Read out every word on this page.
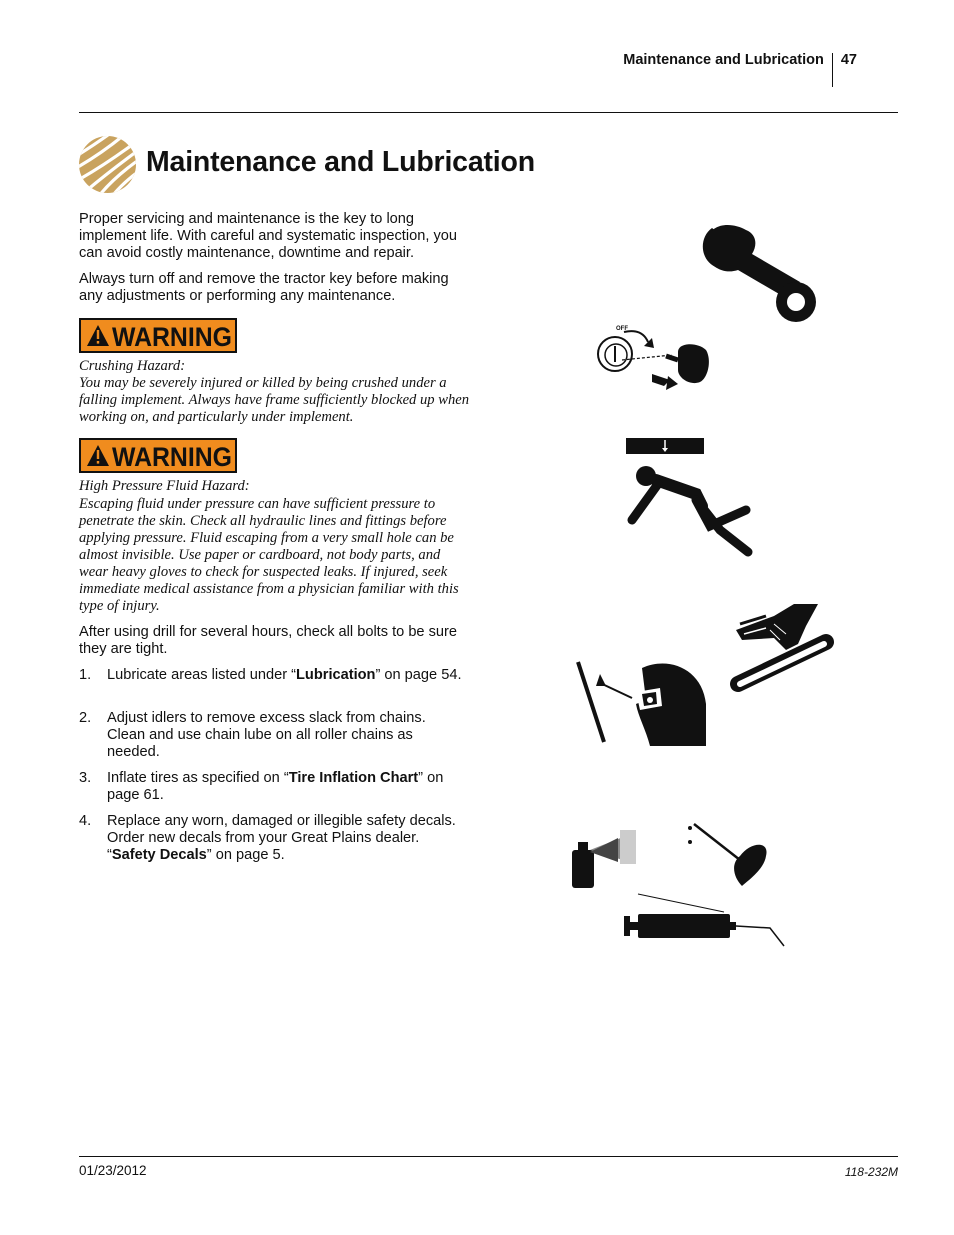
Maintenance and Lubrication	47
Maintenance and Lubrication

Proper servicing and maintenance is the key to long implement life. With careful and systematic inspection, you can avoid costly maintenance, downtime and repair.

Always turn off and remove the tractor key before making any adjustments or performing any maintenance.

WARNING

Crushing Hazard:

You may be severely injured or killed by being crushed under a falling implement. Always have frame sufficiently blocked up when working on, and particularly under implement.

WARNING

High Pressure Fluid Hazard:

Escaping fluid under pressure can have sufficient pressure to penetrate the skin. Check all hydraulic lines and fittings before applying pressure. Fluid escaping from a very small hole can be almost invisible. Use paper or cardboard, not body parts, and wear heavy gloves to check for suspected leaks. If injured, seek immediate medical assistance from a physician familiar with this type of injury.

After using drill for several hours, check all bolts to be sure they are tight.

1.	Lubricate areas listed under “Lubrication” on page 54.
2.	Adjust idlers to remove excess slack from chains. Clean and use chain lube on all roller chains as needed.
3.	Inflate tires as specified on “Tire Inflation Chart” on page 61.
4.	Replace any worn, damaged or illegible safety decals. Order new decals from your Great Plains dealer. “Safety Decals” on page 5.
OFF
01/23/2012	118-232M
